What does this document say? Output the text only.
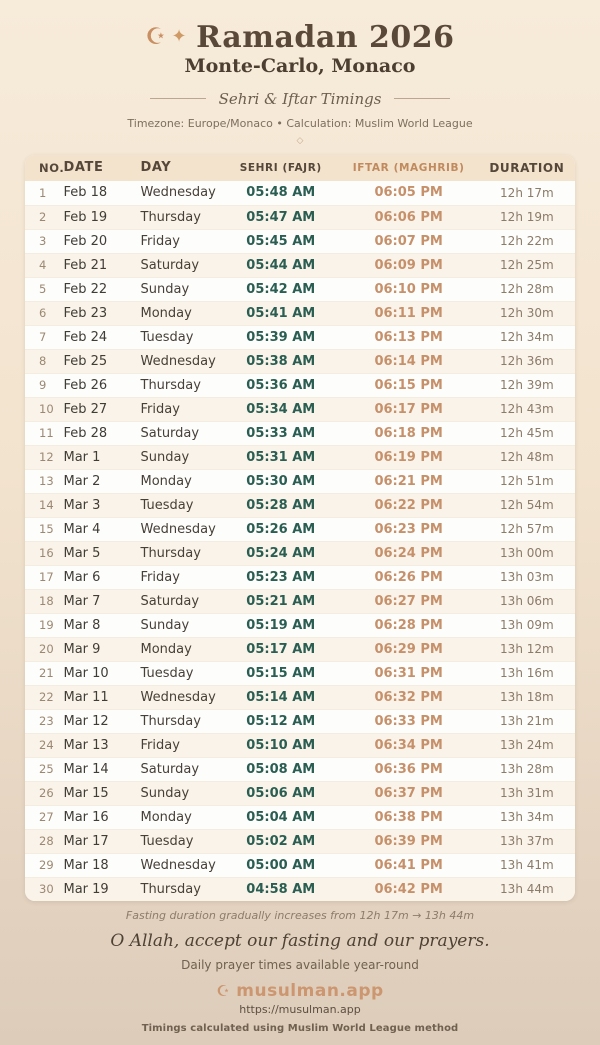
☪ ✦ Ramadan 2026
Monte-Carlo, Monaco
Sehri & Iftar Timings
Timezone: Europe/Monaco • Calculation: Muslim World League
◇
NO. DATE	DAY	SEHRI (FAJR)	IFTAR (MAGHRIB)	DURATION
1	Feb 18	Wednesday	05:48 AM	06:05 PM	12h 17m
2	Feb 19	Thursday	05:47 AM	06:06 PM	12h 19m
3	Feb 20	Friday	05:45 AM	06:07 PM	12h 22m
4	Feb 21	Saturday	05:44 AM	06:09 PM	12h 25m
5	Feb 22	Sunday	05:42 AM	06:10 PM	12h 28m
6	Feb 23	Monday	05:41 AM	06:11 PM	12h 30m
7	Feb 24	Tuesday	05:39 AM	06:13 PM	12h 34m
8	Feb 25	Wednesday	05:38 AM	06:14 PM	12h 36m
9	Feb 26	Thursday	05:36 AM	06:15 PM	12h 39m
10 Feb 27	Friday	05:34 AM	06:17 PM	12h 43m
11 Feb 28	Saturday	05:33 AM	06:18 PM	12h 45m
12 Mar 1	Sunday	05:31 AM	06:19 PM	12h 48m
13 Mar 2	Monday	05:30 AM	06:21 PM	12h 51m
14 Mar 3	Tuesday	05:28 AM	06:22 PM	12h 54m
15 Mar 4	Wednesday	05:26 AM	06:23 PM	12h 57m
16 Mar 5	Thursday	05:24 AM	06:24 PM	13h 00m
17 Mar 6	Friday	05:23 AM	06:26 PM	13h 03m
18 Mar 7	Saturday	05:21 AM	06:27 PM	13h 06m
19 Mar 8	Sunday	05:19 AM	06:28 PM	13h 09m
20 Mar 9	Monday	05:17 AM	06:29 PM	13h 12m
21 Mar 10	Tuesday	05:15 AM	06:31 PM	13h 16m
22 Mar 11	Wednesday	05:14 AM	06:32 PM	13h 18m
23 Mar 12	Thursday	05:12 AM	06:33 PM	13h 21m
24 Mar 13	Friday	05:10 AM	06:34 PM	13h 24m
25 Mar 14	Saturday	05:08 AM	06:36 PM	13h 28m
26 Mar 15	Sunday	05:06 AM	06:37 PM	13h 31m
27 Mar 16	Monday	05:04 AM	06:38 PM	13h 34m
28 Mar 17	Tuesday	05:02 AM	06:39 PM	13h 37m
29 Mar 18	Wednesday	05:00 AM	06:41 PM	13h 41m
30 Mar 19	Thursday	04:58 AM	06:42 PM	13h 44m
Fasting duration gradually increases from 12h 17m → 13h 44m
O Allah, accept our fasting and our prayers.
Daily prayer times available year-round
☪ musulman.app
https://musulman.app
Timings calculated using Muslim World League method
